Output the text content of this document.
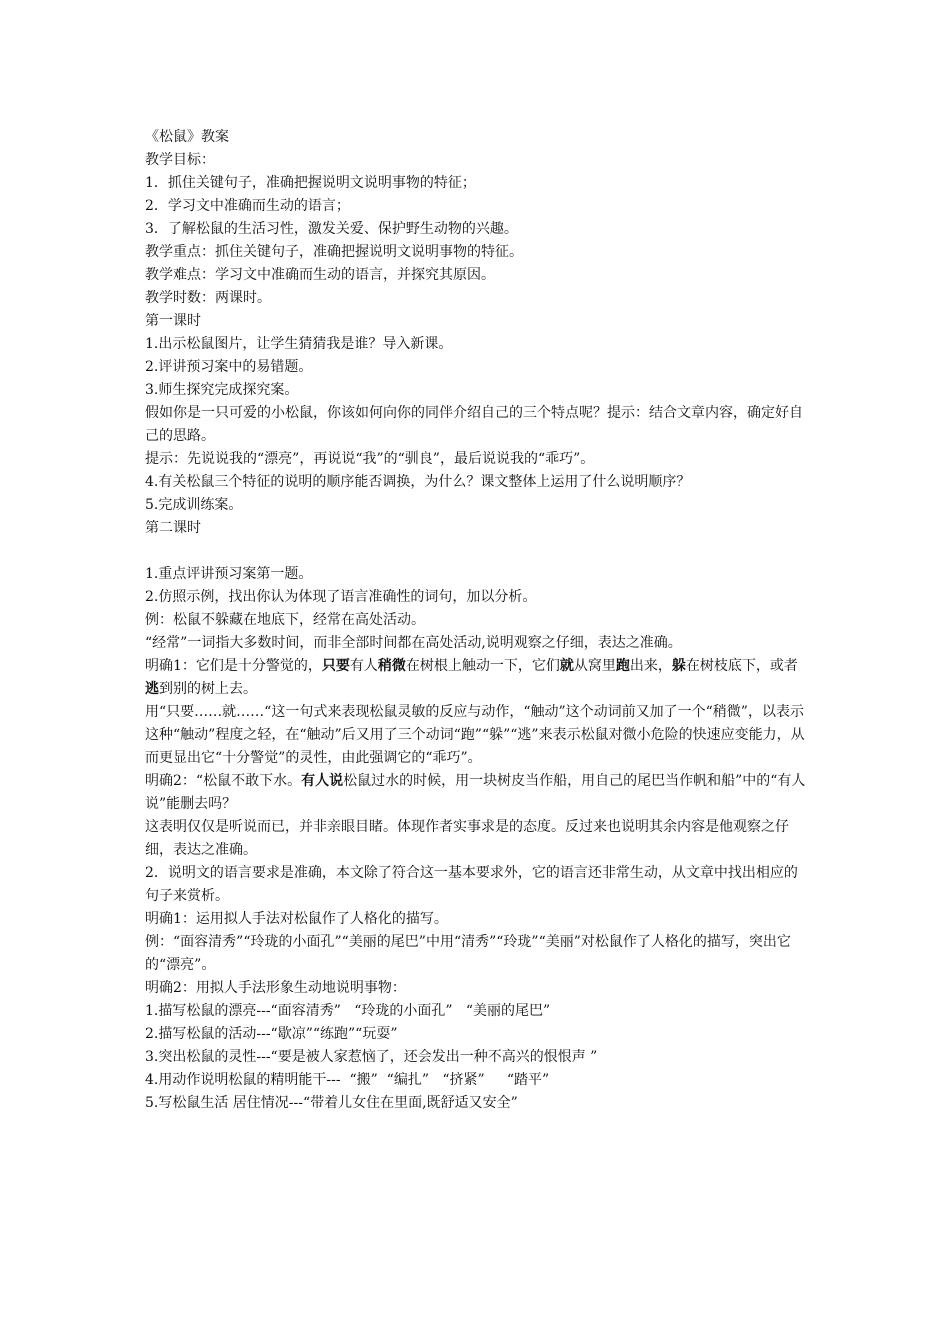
《松鼠》教案

教学目标：

1．抓住关键句子，准确把握说明文说明事物的特征；

2．学习文中准确而生动的语言；

3．了解松鼠的生活习性，激发关爱、保护野生动物的兴趣。

教学重点：抓住关键句子，准确把握说明文说明事物的特征。

教学难点：学习文中准确而生动的语言，并探究其原因。

教学时数：两课时。

第一课时

1.出示松鼠图片，让学生猜猜我是谁？导入新课。

2.评讲预习案中的易错题。

3.师生探究完成探究案。

假如你是一只可爱的小松鼠，你该如何向你的同伴介绍自己的三个特点呢？提示：结合文章内容，确定好自己的思路。

提示：先说说我的“漂亮”，再说说“我”的“驯良”，最后说说我的“乖巧”。

4.有关松鼠三个特征的说明的顺序能否调换，为什么？课文整体上运用了什么说明顺序？

5.完成训练案。

第二课时

1.重点评讲预习案第一题。

2.仿照示例，找出你认为体现了语言准确性的词句，加以分析。

例：松鼠不躲藏在地底下，经常在高处活动。

“经常”一词指大多数时间，而非全部时间都在高处活动,说明观察之仔细，表达之准确。

明确1：它们是十分警觉的，只要有人稍微在树根上触动一下，它们就从窝里跑出来，躲在树枝底下，或者逃到别的树上去。

用“只要……就……“这一句式来表现松鼠灵敏的反应与动作，“触动”这个动词前又加了一个“稍微”，以表示这种“触动”程度之轻，在“触动”后又用了三个动词“跑”“躲”“逃”来表示松鼠对微小危险的快速应变能力，从而更显出它“十分警觉”的灵性，由此强调它的“乖巧”。

明确2：“松鼠不敢下水。有人说松鼠过水的时候，用一块树皮当作船，用自己的尾巴当作帆和船”中的“有人说”能删去吗？

这表明仅仅是听说而已，并非亲眼目睹。体现作者实事求是的态度。反过来也说明其余内容是他观察之仔细，表达之准确。

2．说明文的语言要求是准确，本文除了符合这一基本要求外，它的语言还非常生动，从文章中找出相应的句子来赏析。

明确1：运用拟人手法对松鼠作了人格化的描写。

例：“面容清秀”“玲珑的小面孔”“美丽的尾巴”中用“清秀”“玲珑”“美丽”对松鼠作了人格化的描写，突出它的“漂亮”。

明确2：用拟人手法形象生动地说明事物：

1.描写松鼠的漂亮---“面容清秀”   “玲珑的小面孔”   “美丽的尾巴”

2.描写松鼠的活动---“歇凉”“练跑”“玩耍”

3.突出松鼠的灵性---“要是被人家惹恼了，还会发出一种不高兴的恨恨声 ”

4.用动作说明松鼠的精明能干---  “搬”  “编扎”   “挤紧”     “踏平”

5.写松鼠生活 居住情况---“带着儿女住在里面,既舒适又安全”
